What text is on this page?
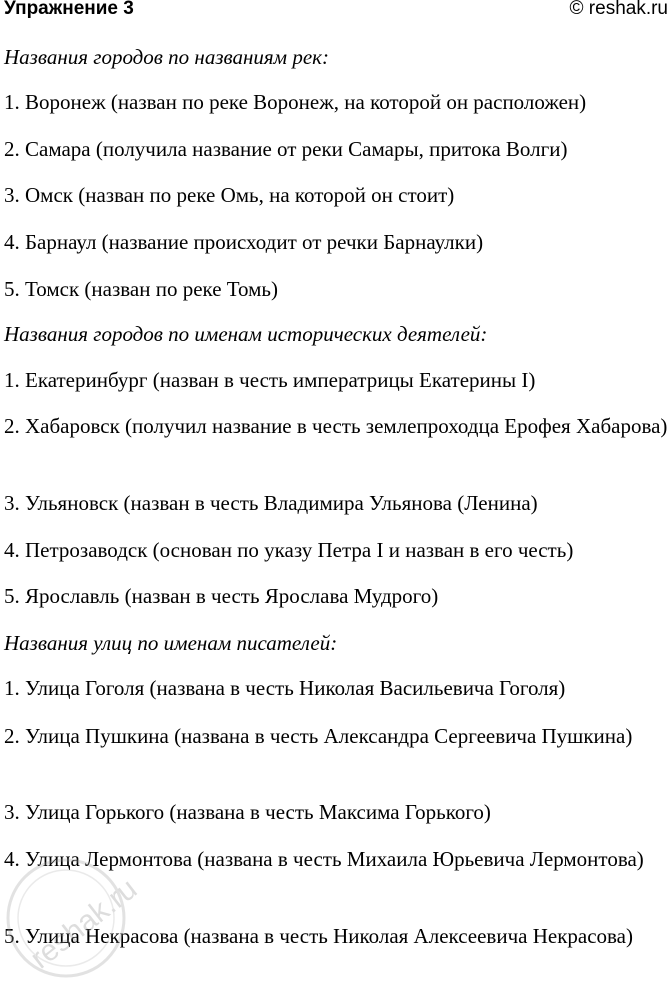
Упражнение 3	© reshak.ru
Названия городов по названиям рек:
1. Воронеж (назван по реке Воронеж, на которой он расположен)
2. Самара (получила название от реки Самары, притока Волги)
3. Омск (назван по реке Омь, на которой он стоит)
4. Барнаул (название происходит от речки Барнаулки)
5. Томск (назван по реке Томь)
Названия городов по именам исторических деятелей:
1. Екатеринбург (назван в честь императрицы Екатерины I)
2. Хабаровск (получил название в честь землепроходца Ерофея Хабарова)
3. Ульяновск (назван в честь Владимира Ульянова (Ленина)
4. Петрозаводск (основан по указу Петра I и назван в его честь)
5. Ярославль (назван в честь Ярослава Мудрого)
Названия улиц по именам писателей:
1. Улица Гоголя (названа в честь Николая Васильевича Гоголя)
2. Улица Пушкина (названа в честь Александра Сергеевича Пушкина)
3. Улица Горького (названа в честь Максима Горького)
4. Улица Лермонтова (названа в честь Михаила Юрьевича Лермонтова)
5. Улица Некрасова (названа в честь Николая Алексеевича Некрасова)
reshak.ru
